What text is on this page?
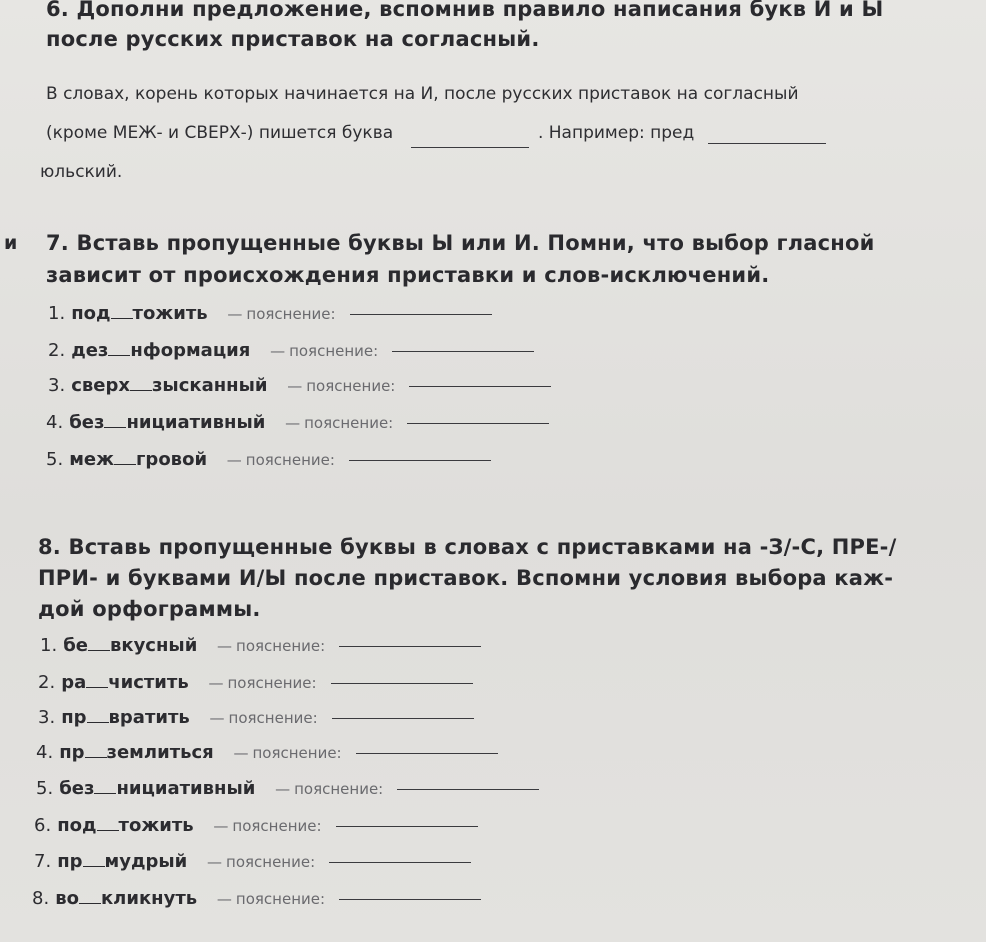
и
6. Дополни предложение, вспомнив правило написания букв И и Ы
после русских приставок на согласный.
В словах, корень которых начинается на И, после русских приставок на согласный
(кроме МЕЖ- и СВЕРХ-) пишется буква	. Например: пред
юльский.
7. Вставь пропущенные буквы Ы или И. Помни, что выбор гласной
зависит от происхождения приставки и слов-исключений.
1. под тожить — пояснение:
2. дез нформация — пояснение:
3. сверх зысканный — пояснение:
4. без нициативный — пояснение:
5. меж гровой — пояснение:
8. Вставь пропущенные буквы в словах с приставками на -З/-С, ПРЕ-/
ПРИ- и буквами И/Ы после приставок. Вспомни условия выбора каж-
дой орфограммы.
1. бе вкусный — пояснение:
2. ра чистить — пояснение:
3. пр вратить — пояснение:
4. пр землиться — пояснение:
5. без нициативный — пояснение:
6. под тожить — пояснение:
7. пр мудрый — пояснение:
8. во кликнуть — пояснение:
